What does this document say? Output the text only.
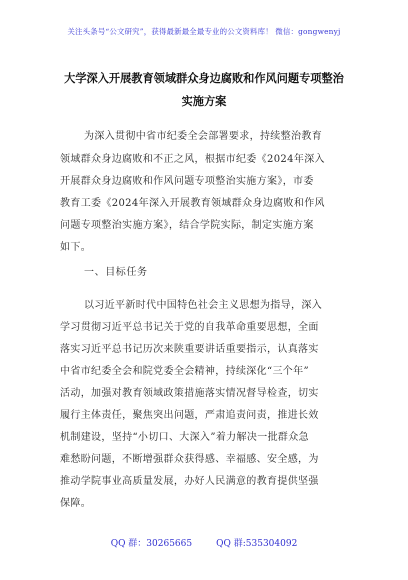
关注头条号“公文研究”，获得最新最全最专业的公文资料库！ 微信：gongwenyj
大学深入开展教育领域群众身边腐败和作风问题专项整治
实施方案
为深入贯彻中省市纪委全会部署要求，持续整治教育
领域群众身边腐败和不正之风，根据市纪委《2024年深入
开展群众身边腐败和作风问题专项整治实施方案》，市委
教育工委《2024年深入开展教育领域群众身边腐败和作风
问题专项整治实施方案》，结合学院实际，制定实施方案
如下。
一、目标任务
以习近平新时代中国特色社会主义思想为指导，深入
学习贯彻习近平总书记关于党的自我革命重要思想，全面
落实习近平总书记历次来陕重要讲话重要指示，认真落实
中省市纪委全会和院党委全会精神，持续深化“三个年”
活动，加强对教育领域政策措施落实情况督导检查，切实
履行主体责任，聚焦突出问题，严肃追责问责，推进长效
机制建设，坚持“小切口、大深入”着力解决一批群众急
难愁盼问题，不断增强群众获得感、幸福感、安全感，为
推动学院事业高质量发展，办好人民满意的教育提供坚强
保障。
QQ 群：30265665	QQ 群:535304092
